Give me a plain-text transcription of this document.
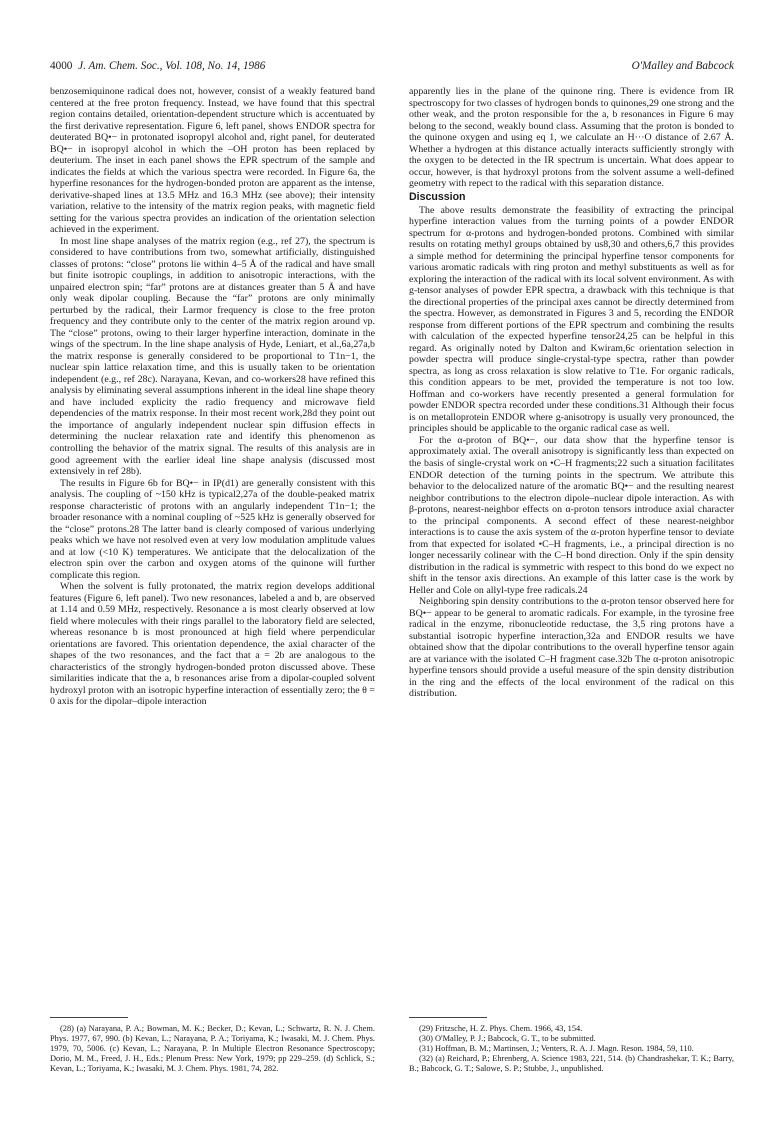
4000 J. Am. Chem. Soc., Vol. 108, No. 14, 1986	O'Malley and Babcock

benzosemiquinone radical does not, however, consist of a weakly featured band centered at the free proton frequency. Instead, we have found that this spectral region contains detailed, orientation-dependent structure which is accentuated by the first derivative representation. Figure 6, left panel, shows ENDOR spectra for deuterated BQ•− in protonated isopropyl alcohol and, right panel, for deuterated BQ•− in isopropyl alcohol in which the –OH proton has been replaced by deuterium. The inset in each panel shows the EPR spectrum of the sample and indicates the fields at which the various spectra were recorded. In Figure 6a, the hyperfine resonances for the hydrogen-bonded proton are apparent as the intense, derivative-shaped lines at 13.5 MHz and 16.3 MHz (see above); their intensity variation, relative to the intensity of the matrix region peaks, with magnetic field setting for the various spectra provides an indication of the orientation selection achieved in the experiment.

In most line shape analyses of the matrix region (e.g., ref 27), the spectrum is considered to have contributions from two, somewhat artificially, distinguished classes of protons: “close” protons lie within 4–5 Å of the radical and have small but finite isotropic couplings, in addition to anisotropic interactions, with the unpaired electron spin; “far” protons are at distances greater than 5 Å and have only weak dipolar coupling. Because the “far” protons are only minimally perturbed by the radical, their Larmor frequency is close to the free proton frequency and they contribute only to the center of the matrix region around νp. The “close” protons, owing to their larger hyperfine interaction, dominate in the wings of the spectrum. In the line shape analysis of Hyde, Leniart, et al.,6a,27a,b the matrix response is generally considered to be proportional to T1n−1, the nuclear spin lattice relaxation time, and this is usually taken to be orientation independent (e.g., ref 28c). Narayana, Kevan, and co-workers28 have refined this analysis by eliminating several assumptions inherent in the ideal line shape theory and have included explicity the radio frequency and microwave field dependencies of the matrix response. In their most recent work,28d they point out the importance of angularly independent nuclear spin diffusion effects in determining the nuclear relaxation rate and identify this phenomenon as controlling the behavior of the matrix signal. The results of this analysis are in good agreement with the earlier ideal line shape analysis (discussed most extensively in ref 28b).

The results in Figure 6b for BQ•− in IP(d1) are generally consistent with this analysis. The coupling of ~150 kHz is typical2,27a of the double-peaked matrix response characteristic of protons with an angularly independent T1n−1; the broader resonance with a nominal coupling of ~525 kHz is generally observed for the “close” protons.28 The latter band is clearly composed of various underlying peaks which we have not resolved even at very low modulation amplitude values and at low (<10 K) temperatures. We anticipate that the delocalization of the electron spin over the carbon and oxygen atoms of the quinone will further complicate this region.

When the solvent is fully protonated, the matrix region develops additional features (Figure 6, left panel). Two new resonances, labeled a and b, are observed at 1.14 and 0.59 MHz, respectively. Resonance a is most clearly observed at low field where molecules with their rings parallel to the laboratory field are selected, whereas resonance b is most pronounced at high field where perpendicular orientations are favored. This orientation dependence, the axial character of the shapes of the two resonances, and the fact that a = 2b are analogous to the characteristics of the strongly hydrogen-bonded proton discussed above. These similarities indicate that the a, b resonances arise from a dipolar-coupled solvent hydroxyl proton with an isotropic hyperfine interaction of essentially zero; the θ = 0 axis for the dipolar–dipole interaction

apparently lies in the plane of the quinone ring. There is evidence from IR spectroscopy for two classes of hydrogen bonds to quinones,29 one strong and the other weak, and the proton responsible for the a, b resonances in Figure 6 may belong to the second, weakly bound class. Assuming that the proton is bonded to the quinone oxygen and using eq 1, we calculate an H···O distance of 2.67 Å. Whether a hydrogen at this distance actually interacts sufficiently strongly with the oxygen to be detected in the IR spectrum is uncertain. What does appear to occur, however, is that hydroxyl protons from the solvent assume a well-defined geometry with repect to the radical with this separation distance.

Discussion

The above results demonstrate the feasibility of extracting the principal hyperfine interaction values from the turning points of a powder ENDOR spectrum for α-protons and hydrogen-bonded protons. Combined with similar results on rotating methyl groups obtained by us8,30 and others,6,7 this provides a simple method for determining the principal hyperfine tensor components for various aromatic radicals with ring proton and methyl substituents as well as for exploring the interaction of the radical with its local solvent environment. As with g-tensor analyses of powder EPR spectra, a drawback with this technique is that the directional properties of the principal axes cannot be directly determined from the spectra. However, as demonstrated in Figures 3 and 5, recording the ENDOR response from different portions of the EPR spectrum and combining the results with calculation of the expected hyperfine tensor24,25 can be helpful in this regard. As originally noted by Dalton and Kwiram,6c orientation selection in powder spectra will produce single-crystal-type spectra, rather than powder spectra, as long as cross relaxation is slow relative to T1e. For organic radicals, this condition appears to be met, provided the temperature is not too low. Hoffman and co-workers have recently presented a general formulation for powder ENDOR spectra recorded under these conditions.31 Although their focus is on metalloprotein ENDOR where g-anisotropy is usually very pronounced, the principles should be applicable to the organic radical case as well.

For the α-proton of BQ•−, our data show that the hyperfine tensor is approximately axial. The overall anisotropy is significantly less than expected on the basis of single-crystal work on •C–H fragments;22 such a situation facilitates ENDOR detection of the turning points in the spectrum. We attribute this behavior to the delocalized nature of the aromatic BQ•− and the resulting nearest neighbor contributions to the electron dipole–nuclear dipole interaction. As with β-protons, nearest-neighbor effects on α-proton tensors introduce axial character to the principal components. A second effect of these nearest-neighbor interactions is to cause the axis system of the α-proton hyperfine tensor to deviate from that expected for isolated •C–H fragments, i.e., a principal direction is no longer necessarily colinear with the C–H bond direction. Only if the spin density distribution in the radical is symmetric with respect to this bond do we expect no shift in the tensor axis directions. An example of this latter case is the work by Heller and Cole on allyl-type free radicals.24

Neighboring spin density contributions to the α-proton tensor observed here for BQ•− appear to be general to aromatic radicals. For example, in the tyrosine free radical in the enzyme, ribonucleotide reductase, the 3,5 ring protons have a substantial isotropic hyperfine interaction,32a and ENDOR results we have obtained show that the dipolar contributions to the overall hyperfine tensor again are at variance with the isolated C–H fragment case.32b The α-proton anisotropic hyperfine tensors should provide a useful measure of the spin density distribution in the ring and the effects of the local environment of the radical on this distribution.

(28) (a) Narayana, P. A.; Bowman, M. K.; Becker, D.; Kevan, L.; Schwartz, R. N. J. Chem. Phys. 1977, 67, 990. (b) Kevan, L.; Narayana, P. A.; Toriyama, K.; Iwasaki, M. J. Chem. Phys. 1979, 70, 5006. (c) Kevan, L.; Narayana, P. In Multiple Electron Resonance Spectroscopy; Dorio, M. M., Freed, J. H., Eds.; Plenum Press: New York, 1979; pp 229–259. (d) Schlick, S.; Kevan, L.; Toriyama, K.; Iwasaki, M. J. Chem. Phys. 1981, 74, 282.

(29) Fritzsche, H. Z. Phys. Chem. 1966, 43, 154.

(30) O'Malley, P. J.; Babcock, G. T., to be submitted.

(31) Hoffman, B. M.; Martinsen, J.; Venters, R. A. J. Magn. Reson. 1984, 59, 110.

(32) (a) Reichard, P.; Ehrenberg, A. Science 1983, 221, 514. (b) Chandrashekar, T. K.; Barry, B.; Babcock, G. T.; Salowe, S. P.; Stubbe, J., unpublished.
